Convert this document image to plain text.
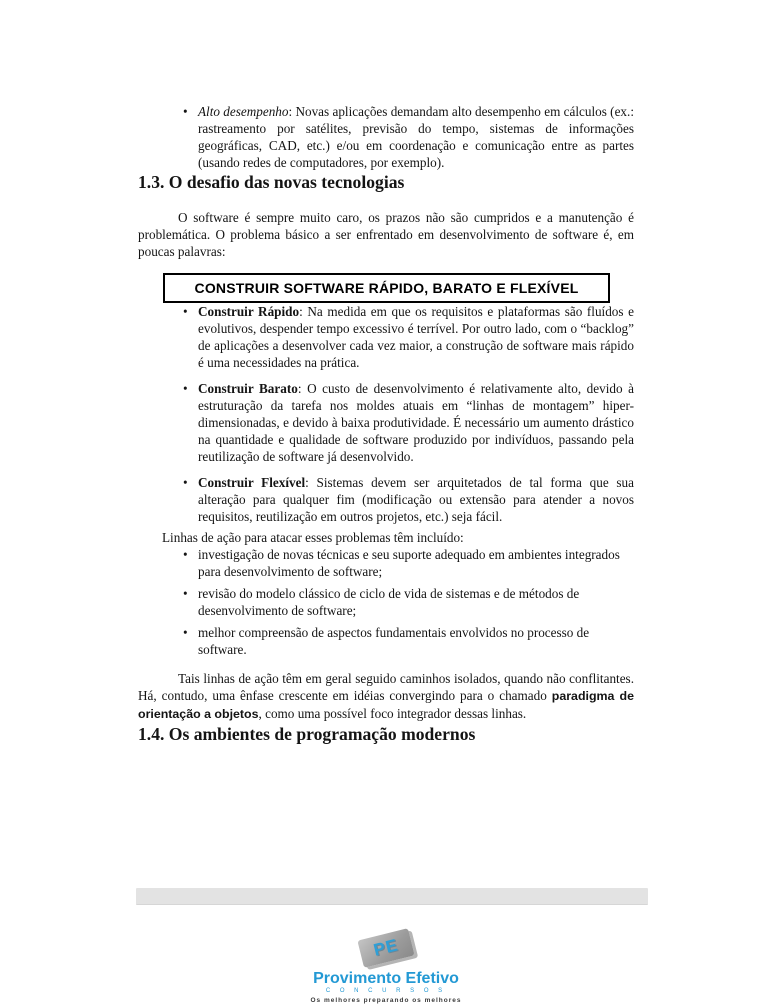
• Alto desempenho: Novas aplicações demandam alto desempenho em cálculos (ex.: rastreamento por satélites, previsão do tempo, sistemas de informações geográficas, CAD, etc.) e/ou em coordenação e comunicação entre as partes (usando redes de computadores, por exemplo).
1.3. O desafio das novas tecnologias

O software é sempre muito caro, os prazos não são cumpridos e a manutenção é problemática. O problema básico a ser enfrentado em desenvolvimento de software é, em poucas palavras:

CONSTRUIR SOFTWARE RÁPIDO, BARATO E FLEXÍVEL
• Construir Rápido: Na medida em que os requisitos e plataformas são fluídos e evolutivos, despender tempo excessivo é terrível. Por outro lado, com o “backlog” de aplicações a desenvolver cada vez maior, a construção de software mais rápido é uma necessidades na prática.
• Construir Barato: O custo de desenvolvimento é relativamente alto, devido à estruturação da tarefa nos moldes atuais em “linhas de montagem” hiper-dimensionadas, e devido à baixa produtividade. É necessário um aumento drástico na quantidade e qualidade de software produzido por indivíduos, passando pela reutilização de software já desenvolvido.
• Construir Flexível: Sistemas devem ser arquitetados de tal forma que sua alteração para qualquer fim (modificação ou extensão para atender a novos requisitos, reutilização em outros projetos, etc.) seja fácil.

Linhas de ação para atacar esses problemas têm incluído:

• investigação de novas técnicas e seu suporte adequado em ambientes integrados para desenvolvimento de software;
• revisão do modelo clássico de ciclo de vida de sistemas e de métodos de desenvolvimento de software;
• melhor compreensão de aspectos fundamentais envolvidos no processo de software.

Tais linhas de ação têm em geral seguido caminhos isolados, quando não conflitantes. Há, contudo, uma ênfase crescente em idéias convergindo para o chamado paradigma de orientação a objetos, como uma possível foco integrador dessas linhas.

1.4. Os ambientes de programação modernos
PE
Provimento Efetivo
C O N C U R S O S
Os melhores preparando os melhores
